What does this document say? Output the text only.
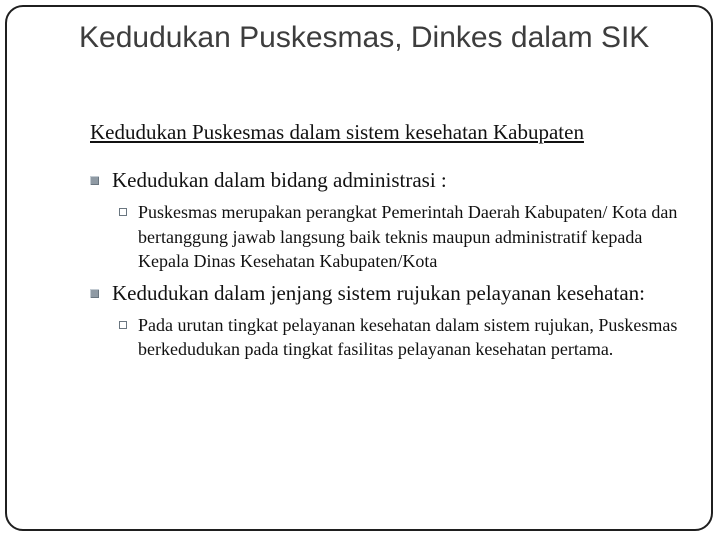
Kedudukan Puskesmas, Dinkes dalam SIK

Kedudukan Puskesmas dalam sistem kesehatan Kabupaten

Kedudukan dalam bidang administrasi :
Puskesmas merupakan perangkat Pemerintah Daerah Kabupaten/ Kota dan bertanggung jawab langsung baik teknis maupun administratif kepada Kepala Dinas Kesehatan Kabupaten/Kota
Kedudukan dalam jenjang sistem rujukan pelayanan kesehatan:
Pada urutan tingkat pelayanan kesehatan dalam sistem rujukan, Puskesmas berkedudukan pada tingkat fasilitas pelayanan kesehatan pertama.
